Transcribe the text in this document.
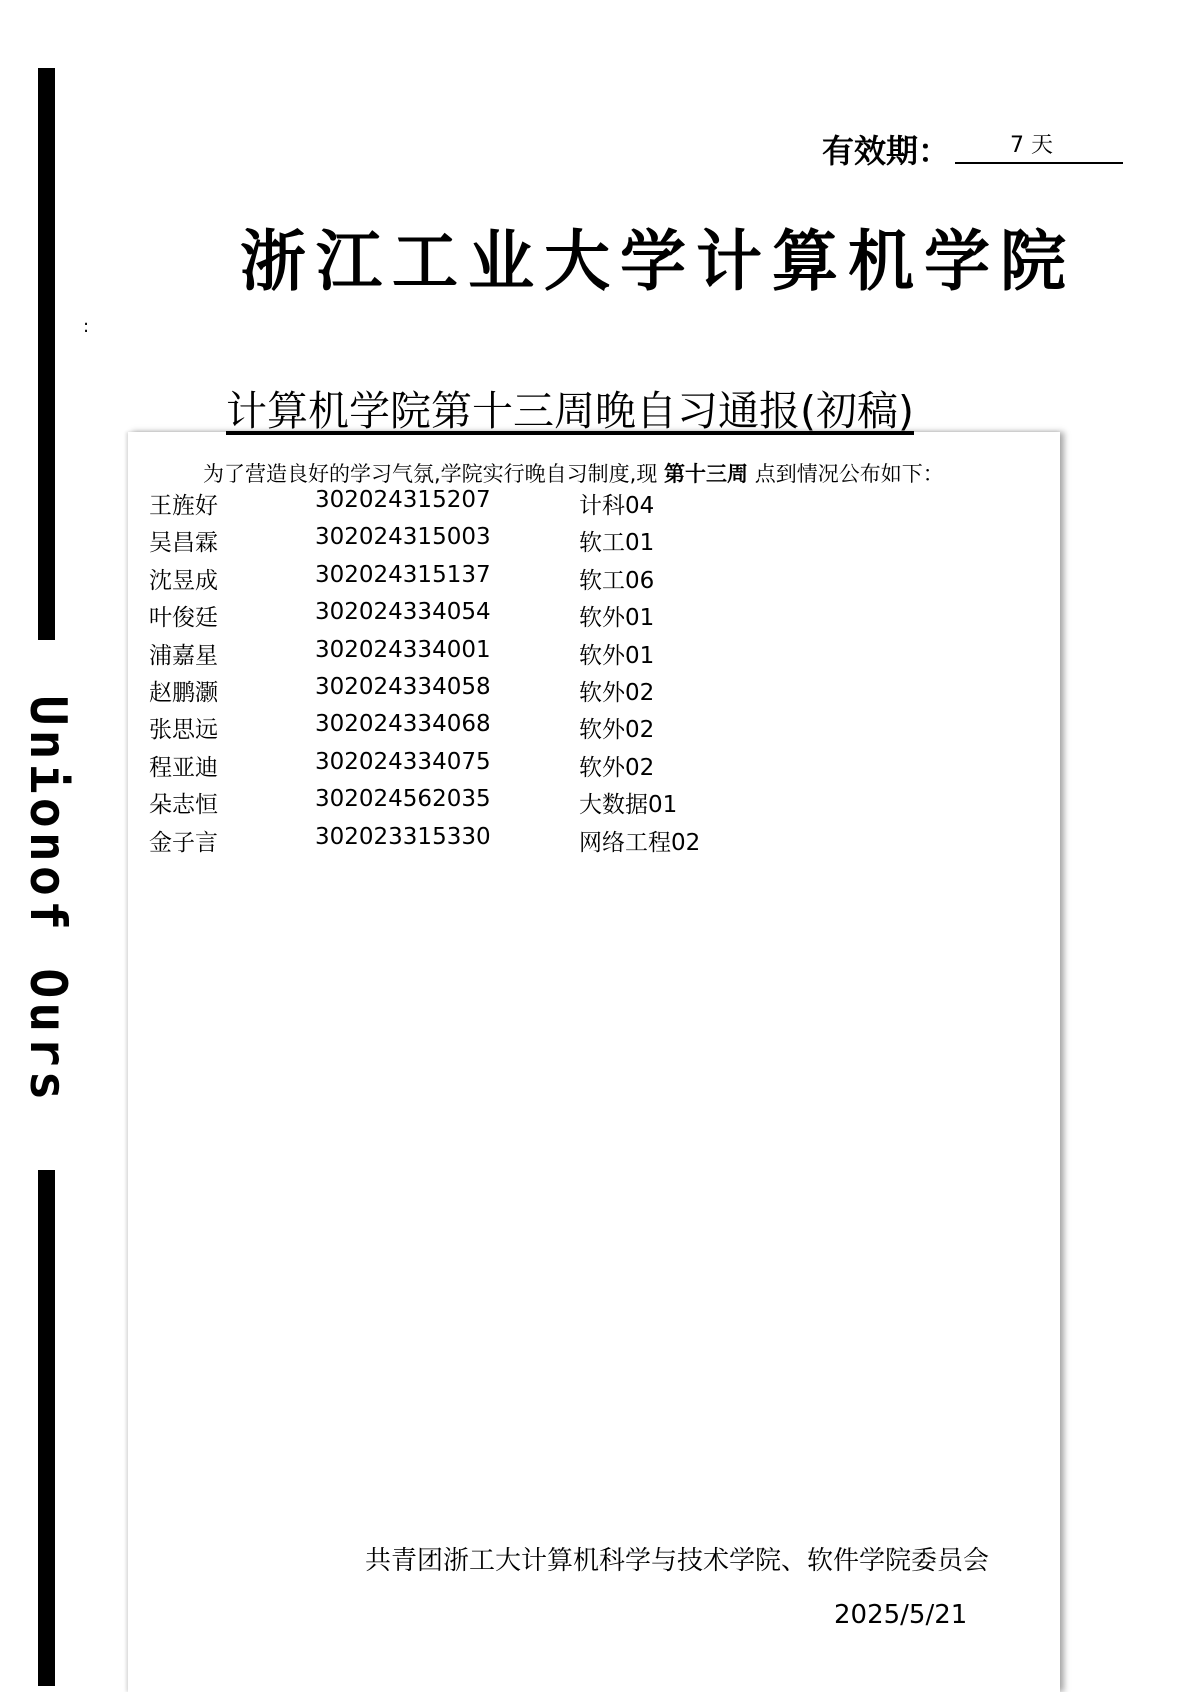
Unionof Ours
有效期：	7 天
浙江工业大学计算机学院
:
计算机学院第十三周晚自习通报(初稿)
为了营造良好的学习气氛,学院实行晚自习制度,现 第十三周 点到情况公布如下：
王旌好	302024315207	计科04
吴昌霖	302024315003	软工01
沈昱成	302024315137	软工06
叶俊廷	302024334054	软外01
浦嘉星	302024334001	软外01
赵鹏灏	302024334058	软外02
张思远	302024334068	软外02
程亚迪	302024334075	软外02
朵志恒	302024562035	大数据01
金子言	302023315330	网络工程02
共青团浙工大计算机科学与技术学院、软件学院委员会
2025/5/21
